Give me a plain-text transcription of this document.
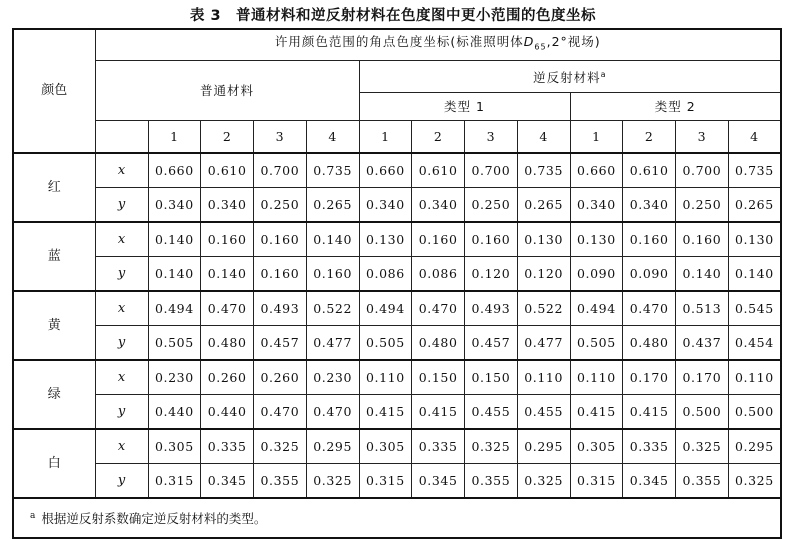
表 3　普通材料和逆反射材料在色度图中更小范围的色度坐标
颜色	许用颜色范围的角点色度坐标(标准照明体$D_{65},2^\circ$视场)												
	普通材料					逆反射材料$^a$
						类型 1				类型 2			
		1	2	3	4	1	2	3	4	1	2	3	4
红	x	0.660	0.610	0.700	0.735	0.660	0.610	0.700	0.735	0.660	0.610	0.700	0.735
	y	0.340	0.340	0.250	0.265	0.340	0.340	0.250	0.265	0.340	0.340	0.250	0.265
蓝	x	0.140	0.160	0.160	0.140	0.130	0.160	0.160	0.130	0.130	0.160	0.160	0.130
	y	0.140	0.140	0.160	0.160	0.086	0.086	0.120	0.120	0.090	0.090	0.140	0.140
黄	x	0.494	0.470	0.493	0.522	0.494	0.470	0.493	0.522	0.494	0.470	0.513	0.545
	y	0.505	0.480	0.457	0.477	0.505	0.480	0.457	0.477	0.505	0.480	0.437	0.454
绿	x	0.230	0.260	0.260	0.230	0.110	0.150	0.150	0.110	0.110	0.170	0.170	0.110
	y	0.440	0.440	0.470	0.470	0.415	0.415	0.455	0.455	0.415	0.415	0.500	0.500
白	x	0.305	0.335	0.325	0.295	0.305	0.335	0.325	0.295	0.305	0.335	0.325	0.295
	y	0.315	0.345	0.355	0.325	0.315	0.345	0.355	0.325	0.315	0.345	0.355	0.325
$^a$ 根据逆反射系数确定逆反射材料的类型。													
